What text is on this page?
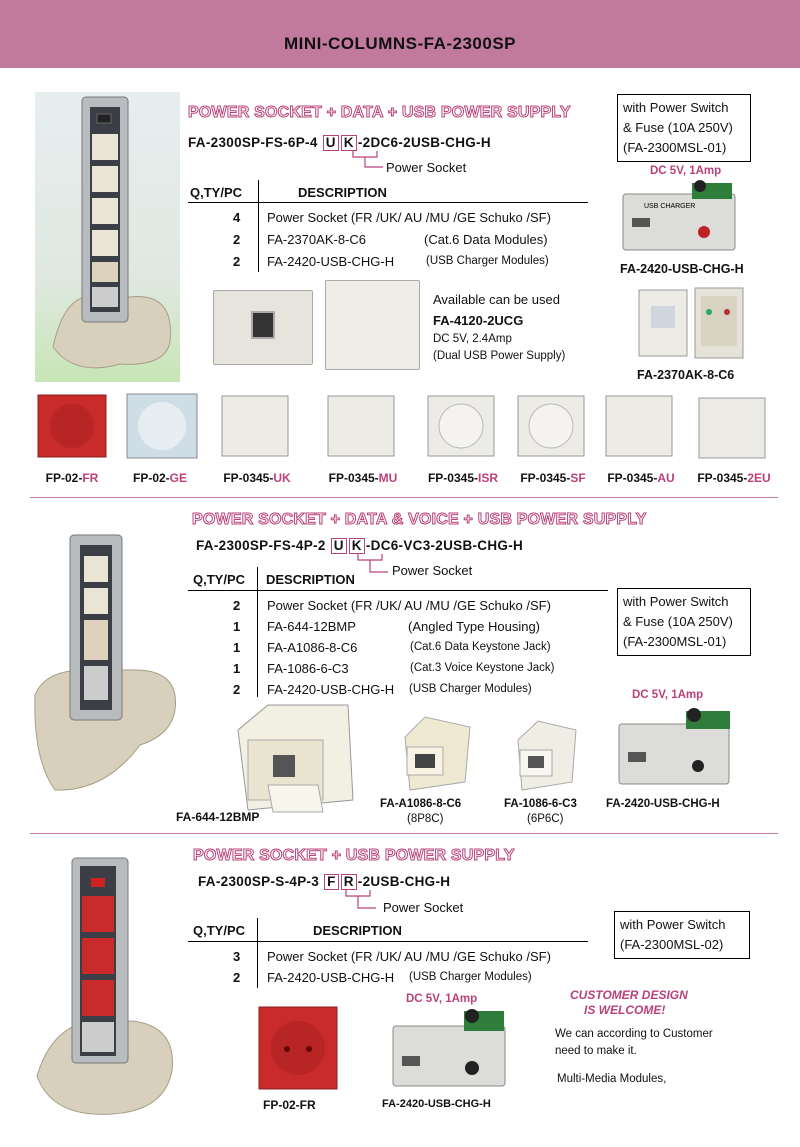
MINI-COLUMNS-FA-2300SP
POWER SOCKET + DATA + USB POWER SUPPLY
FA-2300SP-FS-6P-4 U K -2DC6-2USB-CHG-H
Power Socket
Q,TY/PC	DESCRIPTION
4 Power Socket (FR /UK/ AU /MU /GE Schuko /SF)
2 FA-2370AK-8-C6	(Cat.6 Data Modules)
2 FA-2420-USB-CHG-H	(USB Charger Modules)
with Power Switch
& Fuse (10A 250V)
(FA-2300MSL-01)
DC 5V, 1Amp
USB CHARGER
FA-2420-USB-CHG-H
FA-2370AK-8-C6
Available can be used
FA-4120-2UCG
DC 5V, 2.4Amp
(Dual USB Power Supply)
FP-02-FR	FP-02-GE	FP-0345-UK	FP-0345-MU	FP-0345-ISR	FP-0345-SF	FP-0345-AU	FP-0345-2EU
POWER SOCKET + DATA & VOICE + USB POWER SUPPLY
FA-2300SP-FS-4P-2 U K -DC6-VC3-2USB-CHG-H
Power Socket
Q,TY/PC DESCRIPTION
2 Power Socket (FR /UK/ AU /MU /GE Schuko /SF)
1 FA-644-12BMP	(Angled Type Housing)
1 FA-A1086-8-C6	(Cat.6 Data Keystone Jack)
1 FA-1086-6-C3	(Cat.3 Voice Keystone Jack)
2 FA-2420-USB-CHG-H (USB Charger Modules)
with Power Switch
& Fuse (10A 250V)
(FA-2300MSL-01)
DC 5V, 1Amp
FA-2420-USB-CHG-H
FA-644-12BMP
FA-A1086-8-C6
(8P8C)
FA-1086-6-C3
(6P6C)
POWER SOCKET + USB POWER SUPPLY
FA-2300SP-S-4P-3 F R -2USB-CHG-H
Power Socket
Q,TY/PC	DESCRIPTION
3 Power Socket (FR /UK/ AU /MU /GE Schuko /SF)
2 FA-2420-USB-CHG-H (USB Charger Modules)
with Power Switch
(FA-2300MSL-02)
FP-02-FR
DC 5V, 1Amp
FA-2420-USB-CHG-H
CUSTOMER DESIGN
IS WELCOME!
We can according to Customer
need to make it.
Multi-Media Modules,
